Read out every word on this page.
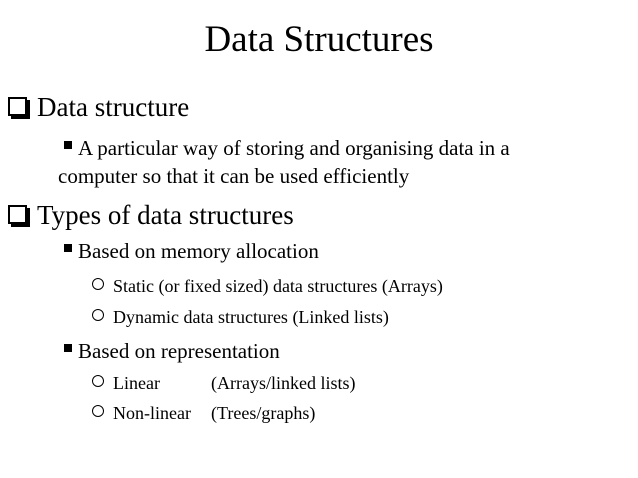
Data Structures
Data structure
A particular way of storing and organising data in a
computer so that it can be used efficiently
Types of data structures
Based on memory allocation
Static (or fixed sized) data structures (Arrays)
Dynamic data structures (Linked lists)
Based on representation
Linear	(Arrays/linked lists)
Non-linear (Trees/graphs)
